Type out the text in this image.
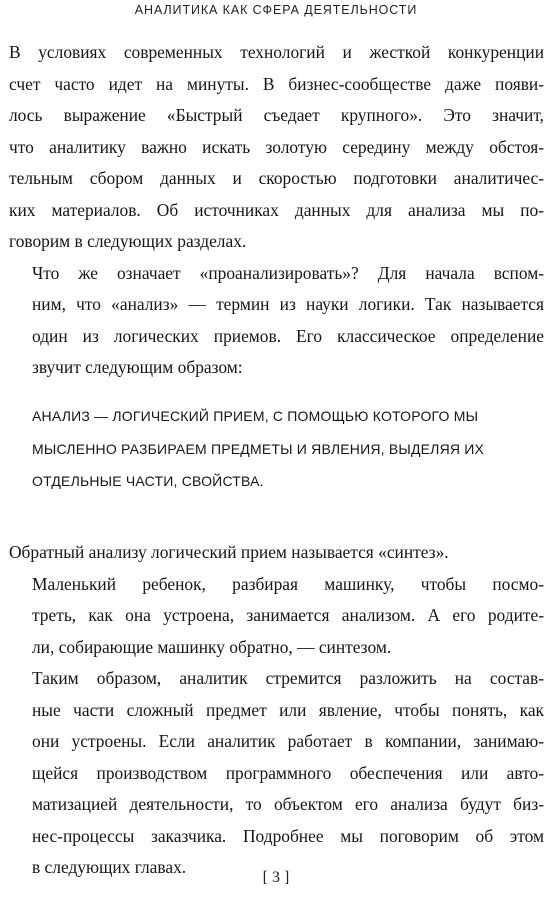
АНАЛИТИКА КАК СФЕРА ДЕЯТЕЛЬНОСТИ

В условиях современных технологий и жесткой конкуренции
счет часто идет на минуты. В бизнес-сообществе даже появи-
лось выражение «Быстрый съедает крупного». Это значит,
что аналитику важно искать золотую середину между обстоя-
тельным сбором данных и скоростью подготовки аналитичес-
ких материалов. Об источниках данных для анализа мы по-
говорим в следующих разделах.

Что же означает «проанализировать»? Для начала вспом-
ним, что «анализ» — термин из науки логики. Так называется
один из логических приемов. Его классическое определение
звучит следующим образом:

АНАЛИЗ — ЛОГИЧЕСКИЙ ПРИЕМ, С ПОМОЩЬЮ КОТОРОГО МЫ
МЫСЛЕННО РАЗБИРАЕМ ПРЕДМЕТЫ И ЯВЛЕНИЯ, ВЫДЕЛЯЯ ИХ
ОТДЕЛЬНЫЕ ЧАСТИ, СВОЙСТВА.

Обратный анализу логический прием называется «синтез».

Маленький ребенок, разбирая машинку, чтобы посмо-
треть, как она устроена, занимается анализом. А его родите-
ли, собирающие машинку обратно, — синтезом.

Таким образом, аналитик стремится разложить на состав-
ные части сложный предмет или явление, чтобы понять, как
они устроены. Если аналитик работает в компании, занимаю-
щейся производством программного обеспечения или авто-
матизацией деятельности, то объектом его анализа будут биз-
нес-процессы заказчика. Подробнее мы поговорим об этом
в следующих главах.

[ 3 ]
